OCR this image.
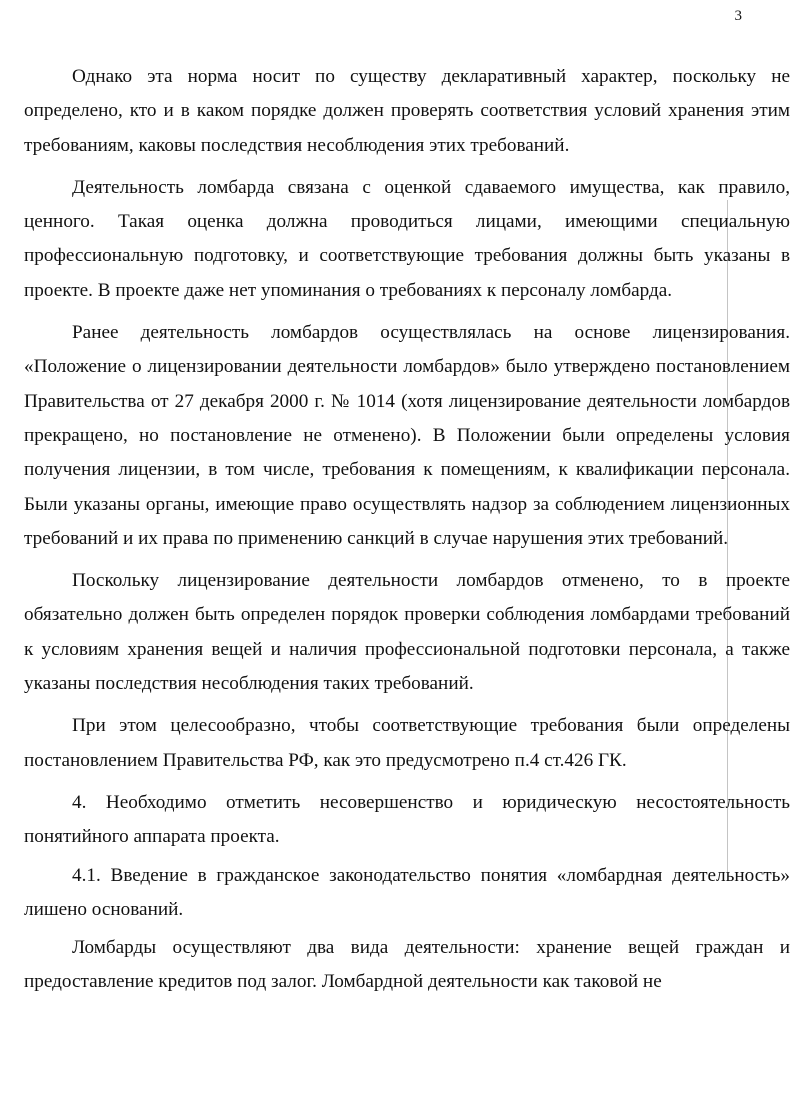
3

Однако эта норма носит по существу декларативный характер, поскольку не определено, кто и в каком порядке должен проверять соответствия условий хранения этим требованиям, каковы последствия несоблюдения этих требований.

Деятельность ломбарда связана с оценкой сдаваемого имущества, как правило, ценного. Такая оценка должна проводиться лицами, имеющими специальную профессиональную подготовку, и соответствующие требования должны быть указаны в проекте. В проекте даже нет упоминания о требованиях к персоналу ломбарда.

Ранее деятельность ломбардов осуществлялась на основе лицензирования. «Положение о лицензировании деятельности ломбардов» было утверждено постановлением Правительства от 27 декабря 2000 г. № 1014 (хотя лицензирование деятельности ломбардов прекращено, но постановление не отменено). В Положении были определены условия получения лицензии, в том числе, требования к помещениям, к квалификации персонала. Были указаны органы, имеющие право осуществлять надзор за соблюдением лицензионных требований и их права по применению санкций в случае нарушения этих требований.

Поскольку лицензирование деятельности ломбардов отменено, то в проекте обязательно должен быть определен порядок проверки соблюдения ломбардами требований к условиям хранения вещей и наличия профессиональной подготовки персонала, а также указаны последствия несоблюдения таких требований.

При этом целесообразно, чтобы соответствующие требования были определены постановлением Правительства РФ, как это предусмотрено п.4 ст.426 ГК.

4. Необходимо отметить несовершенство и юридическую несостоятельность понятийного аппарата проекта.

4.1. Введение в гражданское законодательство понятия «ломбардная деятельность» лишено оснований.

Ломбарды осуществляют два вида деятельности: хранение вещей граждан и предоставление кредитов под залог. Ломбардной деятельности как таковой не
